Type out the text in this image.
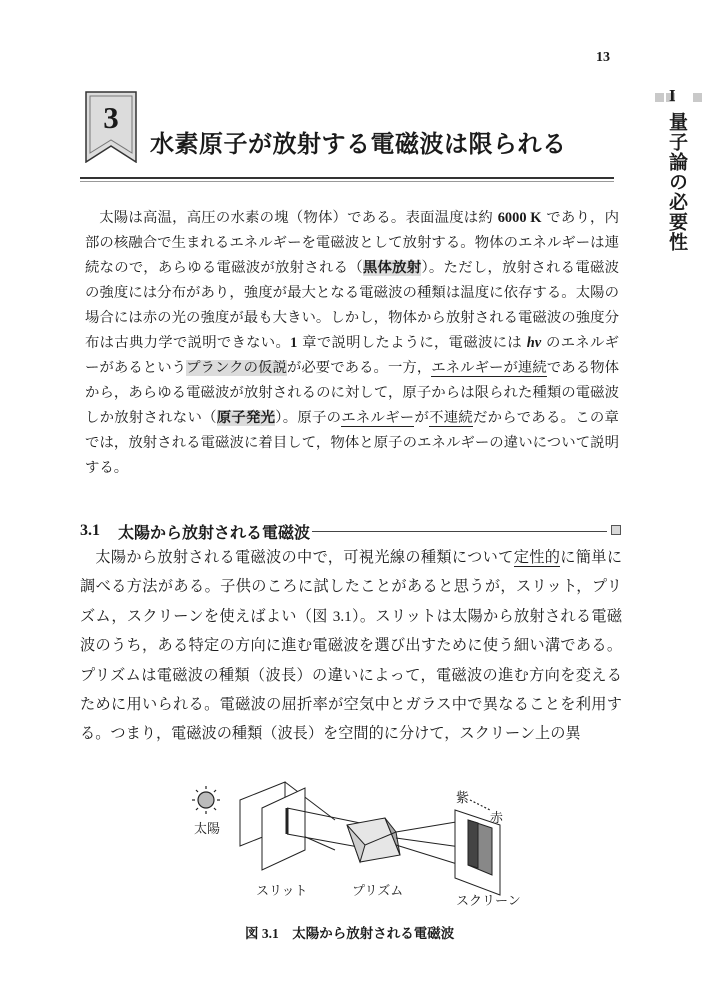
13
I
量子論の必要性
3
水素原子が放射する電磁波は限られる
太陽は高温，高圧の水素の塊（物体）である。表面温度は約 6000 K であり，内部の核融合で生まれるエネルギーを電磁波として放射する。物体のエネルギーは連続なので，あらゆる電磁波が放射される（黒体放射）。ただし，放射される電磁波の強度には分布があり，強度が最大となる電磁波の種類は温度に依存する。太陽の場合には赤の光の強度が最も大きい。しかし，物体から放射される電磁波の強度分布は古典力学で説明できない。1 章で説明したように，電磁波には hν のエネルギーがあるというプランクの仮説が必要である。一方，エネルギーが連続である物体から，あらゆる電磁波が放射されるのに対して，原子からは限られた種類の電磁波しか放射されない（原子発光）。原子のエネルギーが不連続だからである。この章では，放射される電磁波に着目して，物体と原子のエネルギーの違いについて説明する。
3.1 太陽から放射される電磁波
太陽から放射される電磁波の中で，可視光線の種類について定性的に簡単に調べる方法がある。子供のころに試したことがあると思うが，スリット，プリズム，スクリーンを使えばよい（図 3.1）。スリットは太陽から放射される電磁波のうち，ある特定の方向に進む電磁波を選び出すために使う細い溝である。プリズムは電磁波の種類（波長）の違いによって，電磁波の進む方向を変えるために用いられる。電磁波の屈折率が空気中とガラス中で異なることを利用する。つまり，電磁波の種類（波長）を空間的に分けて，スクリーン上の異
太陽
スリット	プリズム
スクリーン
紫
赤
図 3.1　 太陽から放射される電磁波
